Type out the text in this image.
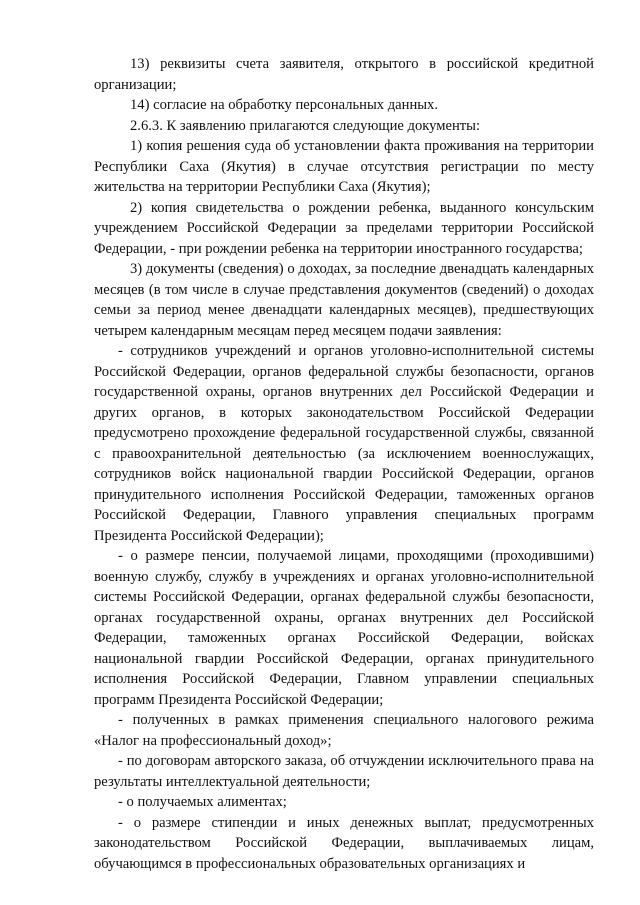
13) реквизиты счета заявителя, открытого в российской кредитной организации;

14) согласие на обработку персональных данных.

2.6.3. К заявлению прилагаются следующие документы:

1) копия решения суда об установлении факта проживания на территории Республики Саха (Якутия) в случае отсутствия регистрации по месту жительства на территории Республики Саха (Якутия);

2) копия свидетельства о рождении ребенка, выданного консульским учреждением Российской Федерации за пределами территории Российской Федерации, - при рождении ребенка на территории иностранного государства;

3) документы (сведения) о доходах, за последние двенадцать календарных месяцев (в том числе в случае представления документов (сведений) о доходах семьи за период менее двенадцати календарных месяцев), предшествующих четырем календарным месяцам перед месяцем подачи заявления:

- сотрудников учреждений и органов уголовно-исполнительной системы Российской Федерации, органов федеральной службы безопасности, органов государственной охраны, органов внутренних дел Российской Федерации и других органов, в которых законодательством Российской Федерации предусмотрено прохождение федеральной государственной службы, связанной с правоохранительной деятельностью (за исключением военнослужащих, сотрудников войск национальной гвардии Российской Федерации, органов принудительного исполнения Российской Федерации, таможенных органов Российской Федерации, Главного управления специальных программ Президента Российской Федерации);

- о размере пенсии, получаемой лицами, проходящими (проходившими) военную службу, службу в учреждениях и органах уголовно-исполнительной системы Российской Федерации, органах федеральной службы безопасности, органах государственной охраны, органах внутренних дел Российской Федерации, таможенных органах Российской Федерации, войсках национальной гвардии Российской Федерации, органах принудительного исполнения Российской Федерации, Главном управлении специальных программ Президента Российской Федерации;

- полученных в рамках применения специального налогового режима «Налог на профессиональный доход»;

- по договорам авторского заказа, об отчуждении исключительного права на результаты интеллектуальной деятельности;

- о получаемых алиментах;

- о размере стипендии и иных денежных выплат, предусмотренных законодательством Российской Федерации, выплачиваемых лицам, обучающимся в профессиональных образовательных организациях и
